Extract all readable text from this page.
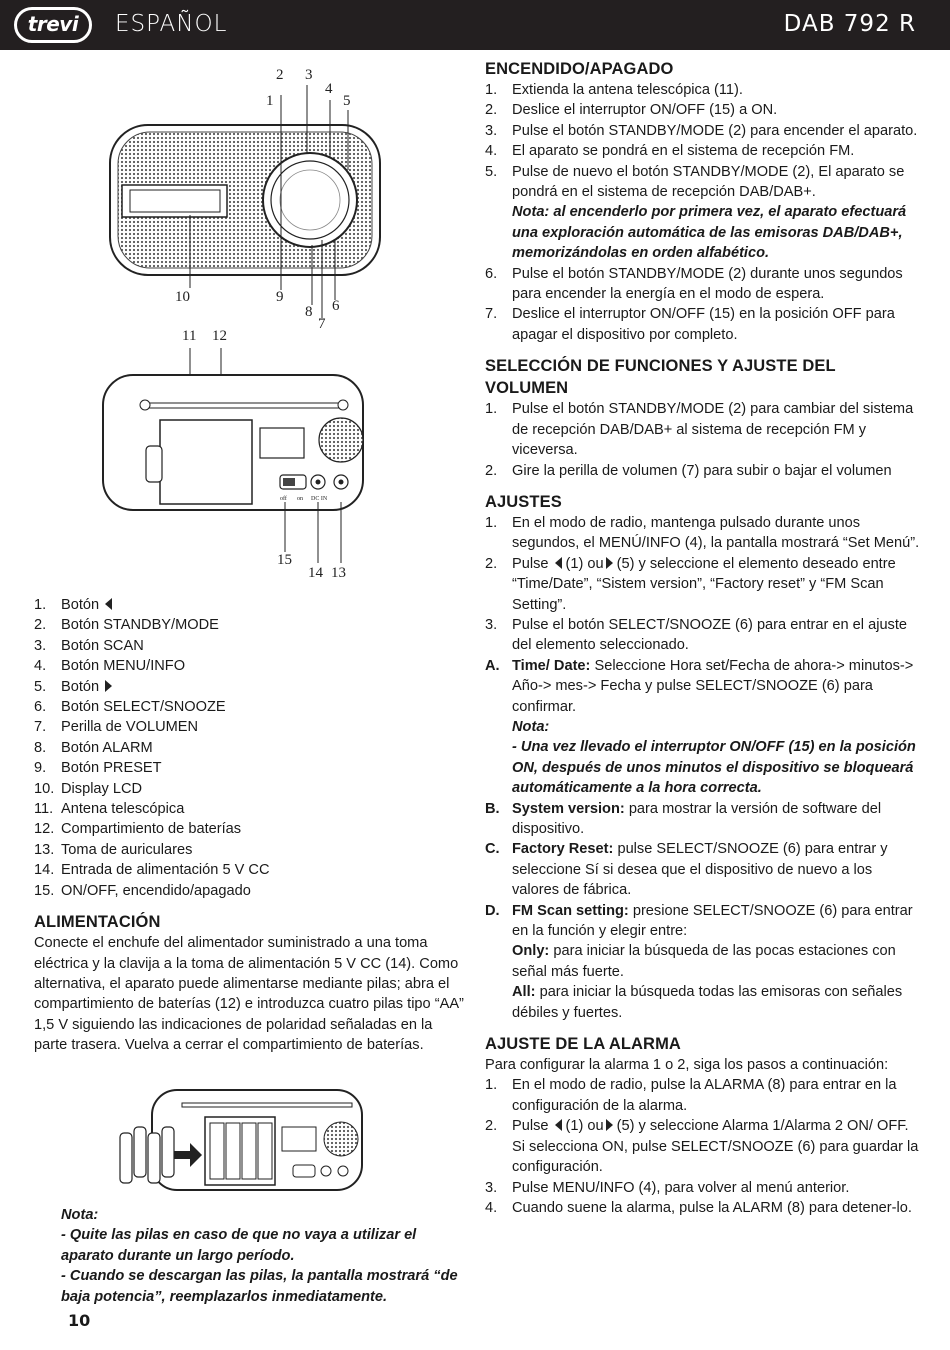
trevi	ESPAÑOL	DAB 792 R
1
2 3
4
5
6
7
8
9
10
11 12
off on DC IN
15
14 13
1. Botón
2. Botón STANDBY/MODE
3. Botón SCAN
4. Botón MENU/INFO
5. Botón
6. Botón SELECT/SNOOZE
7. Perilla de VOLUMEN
8. Botón ALARM
9. Botón PRESET
10. Display LCD
11. Antena telescópica
12. Compartimiento de baterías
13. Toma de auriculares
14. Entrada de alimentación 5 V CC
15. ON/OFF, encendido/apagado
ALIMENTACIÓN

Conecte el enchufe del alimentador suministrado a una toma eléctrica y la clavija a la toma de alimentación 5 V CC (14). Como alternativa, el aparato puede alimentarse mediante pilas; abra el compartimiento de baterías (12) e introduzca cuatro pilas tipo “AA” 1,5 V siguiendo las indicaciones de polaridad señaladas en la parte trasera. Vuelva a cerrar el compartimiento de baterías.

Nota:

- Quite las pilas en caso de que no vaya a utilizar el aparato durante un largo período.

- Cuando se descargan las pilas, la pantalla mostrará “de baja potencia”, reemplazarlos inmediatamente.

10
ENCENDIDO/APAGADO
1. Extienda la antena telescópica (11).
2. Deslice el interruptor ON/OFF (15) a ON.
3. Pulse el botón STANDBY/MODE (2) para encender el aparato.
4. El aparato se pondrá en el sistema de recepción FM.
5. Pulse de nuevo el botón STANDBY/MODE (2), El aparato se pondrá en el sistema de recepción DAB/DAB+.
Nota: al encenderlo por primera vez, el aparato efectuará una exploración automática de las emisoras DAB/DAB+, memorizándolas en orden alfabético.
6. Pulse el botón STANDBY/MODE (2) durante unos segundos para encender la energía en el modo de espera.
7. Deslice el interruptor ON/OFF (15) en la posición OFF para apagar el dispositivo por completo.
SELECCIÓN DE FUNCIONES Y AJUSTE DEL VOLUMEN
1. Pulse el botón STANDBY/MODE (2) para cambiar del sistema de recepción DAB/DAB+ al sistema de recepción FM y viceversa.
2. Gire la perilla de volumen (7) para subir o bajar el volumen
AJUSTES
1. En el modo de radio, mantenga pulsado durante unos segundos, el MENÚ/INFO (4), la pantalla mostrará “Set Menú”.
2. Pulse (1) ou (5) y seleccione el elemento deseado entre “Time/Date”, “Sistem version”, “Factory reset” y “FM Scan Setting”.
3. Pulse el botón SELECT/SNOOZE (6) para entrar en el ajuste del elemento seleccionado.
A. Time/ Date: Seleccione Hora set/Fecha de ahora-> minutos-> Año-> mes-> Fecha y pulse SELECT/SNOOZE (6) para confirmar.
Nota:
- Una vez llevado el interruptor ON/OFF (15) en la posición ON, después de unos minutos el dispositivo se bloqueará automáticamente a la hora correcta.
B. System version: para mostrar la versión de software del dispositivo.
C. Factory Reset: pulse SELECT/SNOOZE (6) para entrar y seleccione Sí si desea que el dispositivo de nuevo a los valores de fábrica.
D. FM Scan setting: presione SELECT/SNOOZE (6) para entrar en la función y elegir entre:
Only: para iniciar la búsqueda de las pocas estaciones con señal más fuerte.
All: para iniciar la búsqueda todas las emisoras con señales débiles y fuertes.
AJUSTE DE LA ALARMA

Para configurar la alarma 1 o 2, siga los pasos a continuación:

1. En el modo de radio, pulse la ALARMA (8) para entrar en la configuración de la alarma.
2. Pulse (1) ou (5) y seleccione Alarma 1/Alarma 2 ON/ OFF. Si selecciona ON, pulse SELECT/SNOOZE (6) para guardar la configuración.
3. Pulse MENU/INFO (4), para volver al menú anterior.
4. Cuando suene la alarma, pulse la ALARM (8) para detener-lo.
